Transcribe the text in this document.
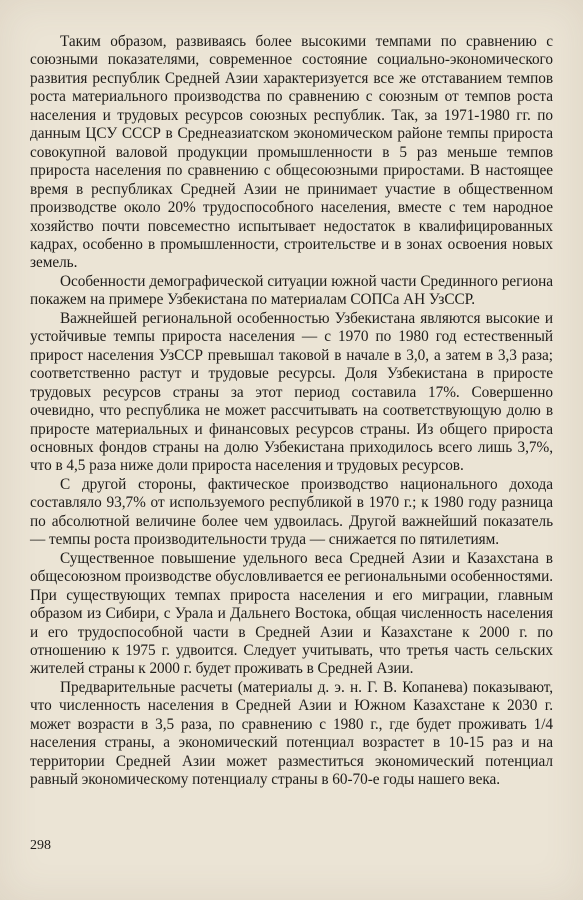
Таким образом, развиваясь более высокими темпами по сравнению с союзными показателями, современное состояние социально-экономического развития республик Средней Азии характеризуется все же отставанием темпов роста материального производства по сравнению с союзным от темпов роста населения и трудовых ресурсов союзных республик. Так, за 1971-1980 гг. по данным ЦСУ СССР в Среднеазиатском экономическом районе темпы прироста совокупной валовой продукции промышленности в 5 раз меньше темпов прироста населения по сравнению с общесоюзными приростами. В настоящее время в республиках Средней Азии не принимает участие в общественном производстве около 20% трудоспособного населения, вместе с тем народное хозяйство почти повсеместно испытывает недостаток в квалифицированных кадрах, особенно в промышленности, строительстве и в зонах освоения новых земель.

Особенности демографической ситуации южной части Срединного региона покажем на примере Узбекистана по материалам СОПСа АН УзССР.

Важнейшей региональной особенностью Узбекистана являются высокие и устойчивые темпы прироста населения — с 1970 по 1980 год естественный прирост населения УзССР превышал таковой в начале в 3,0, а затем в 3,3 раза; соответственно растут и трудовые ресурсы. Доля Узбекистана в приросте трудовых ресурсов страны за этот период составила 17%. Совершенно очевидно, что республика не может рассчитывать на соответствующую долю в приросте материальных и финансовых ресурсов страны. Из общего прироста основных фондов страны на долю Узбекистана приходилось всего лишь 3,7%, что в 4,5 раза ниже доли прироста населения и трудовых ресурсов.

С другой стороны, фактическое производство национального дохода составляло 93,7% от используемого республикой в 1970 г.; к 1980 году разница по абсолютной величине более чем удвоилась. Другой важнейший показатель — темпы роста производительности труда — снижается по пятилетиям.

Существенное повышение удельного веса Средней Азии и Казахстана в общесоюзном производстве обусловливается ее региональными особенностями. При существующих темпах прироста населения и его миграции, главным образом из Сибири, с Урала и Дальнего Востока, общая численность населения и его трудоспособной части в Средней Азии и Казахстане к 2000 г. по отношению к 1975 г. удвоится. Следует учитывать, что третья часть сельских жителей страны к 2000 г. будет проживать в Средней Азии.

Предварительные расчеты (материалы д. э. н. Г. В. Копанева) показывают, что численность населения в Средней Азии и Южном Казахстане к 2030 г. может возрасти в 3,5 раза, по сравнению с 1980 г., где будет проживать 1/4 населения страны, а экономический потенциал возрастет в 10-15 раз и на территории Средней Азии может разместиться экономический потенциал равный экономическому потенциалу страны в 60-70-е годы нашего века.

298
